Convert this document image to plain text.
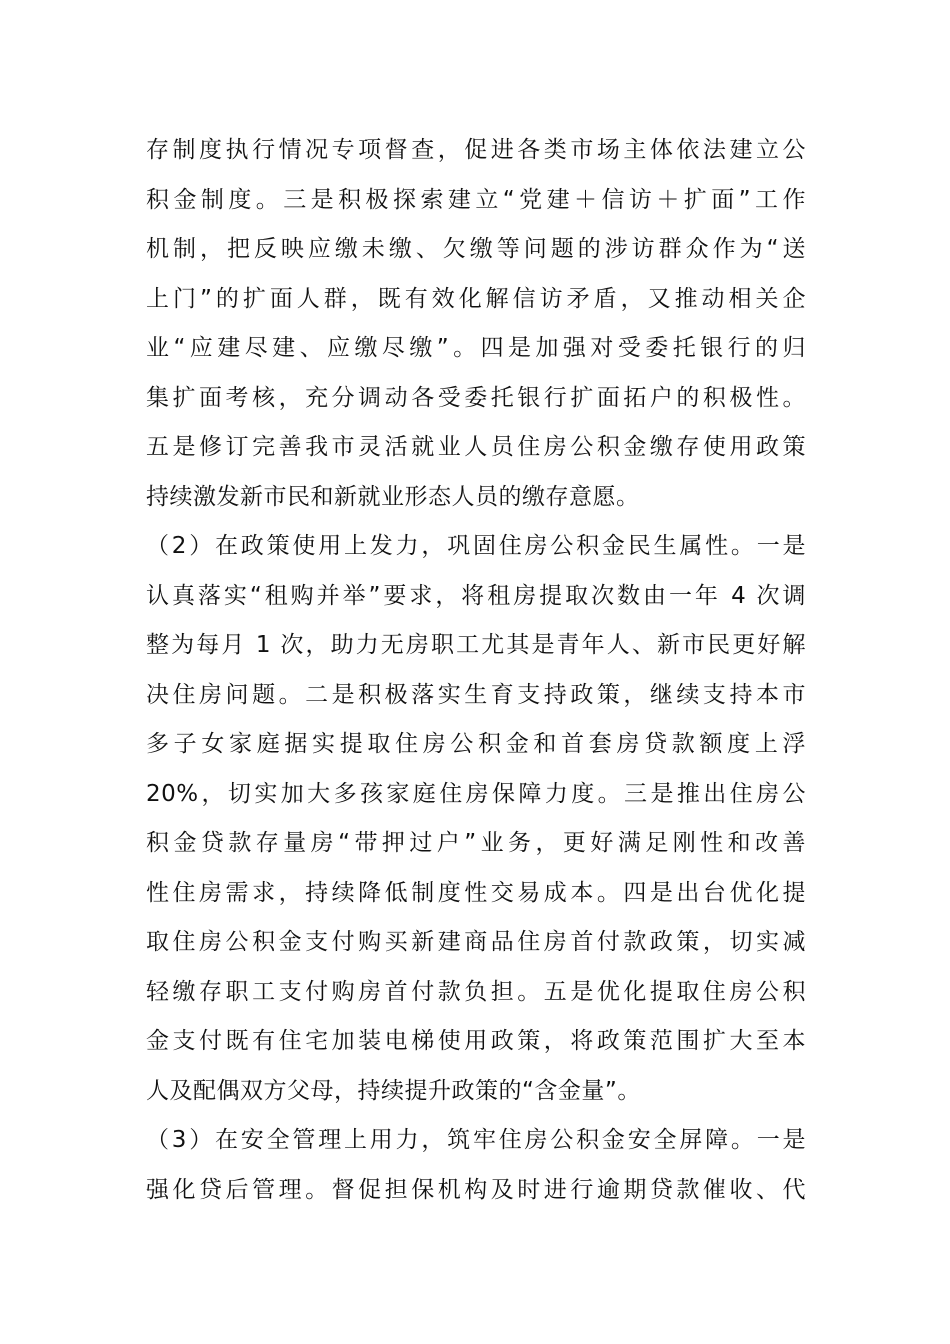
存制度执行情况专项督查，促进各类市场主体依法建立公
积金制度。三是积极探索建立“党建＋信访＋扩面”工作
机制，把反映应缴未缴、欠缴等问题的涉访群众作为“送
上门”的扩面人群，既有效化解信访矛盾，又推动相关企
业“应建尽建、应缴尽缴”。四是加强对受委托银行的归
集扩面考核，充分调动各受委托银行扩面拓户的积极性。
五是修订完善我市灵活就业人员住房公积金缴存使用政策
持续激发新市民和新就业形态人员的缴存意愿。
（2）在政策使用上发力，巩固住房公积金民生属性。一是
认真落实“租购并举”要求，将租房提取次数由一年 4 次调
整为每月 1 次，助力无房职工尤其是青年人、新市民更好解
决住房问题。二是积极落实生育支持政策，继续支持本市
多子女家庭据实提取住房公积金和首套房贷款额度上浮
20%，切实加大多孩家庭住房保障力度。三是推出住房公
积金贷款存量房“带押过户”业务，更好满足刚性和改善
性住房需求，持续降低制度性交易成本。四是出台优化提
取住房公积金支付购买新建商品住房首付款政策，切实减
轻缴存职工支付购房首付款负担。五是优化提取住房公积
金支付既有住宅加装电梯使用政策，将政策范围扩大至本
人及配偶双方父母，持续提升政策的“含金量”。
（3）在安全管理上用力，筑牢住房公积金安全屏障。一是
强化贷后管理。督促担保机构及时进行逾期贷款催收、代
